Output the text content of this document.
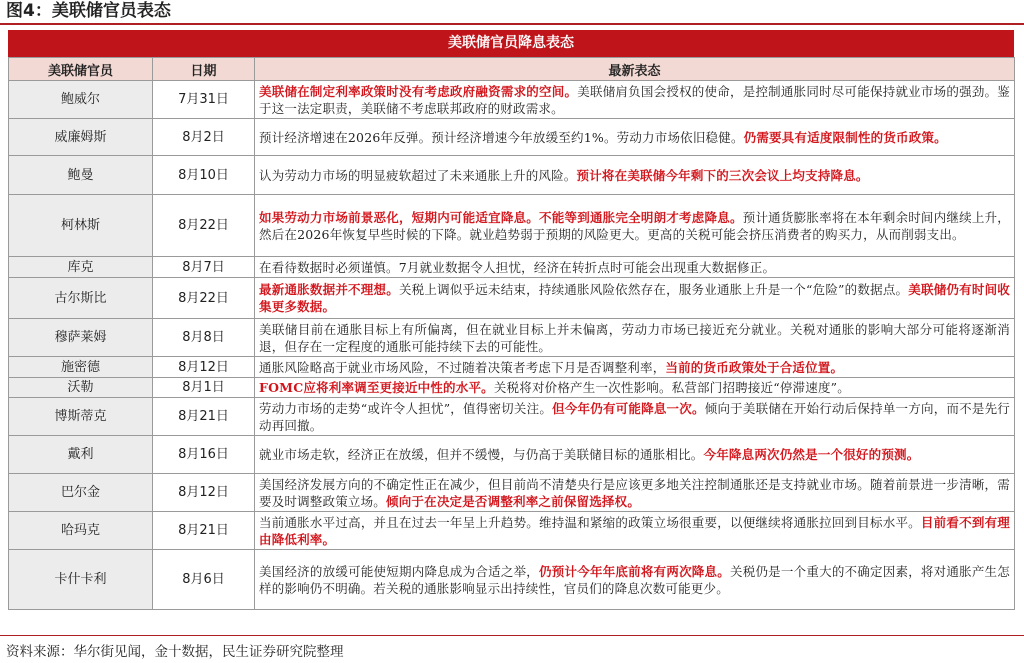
图4：美联储官员表态
美联储官员降息表态
美联储官员	日期	最新表态
鲍威尔	7月31日	美联储在制定利率政策时没有考虑政府融资需求的空间。美联储肩负国会授权的使命，是控制通胀同时尽可能保持就业市场的强劲。鉴于这一法定职责，美联储不考虑联邦政府的财政需求。
威廉姆斯	8月2日	预计经济增速在2026年反弹。预计经济增速今年放缓至约1%。劳动力市场依旧稳健。仍需要具有适度限制性的货币政策。
鲍曼	8月10日	认为劳动力市场的明显疲软超过了未来通胀上升的风险。预计将在美联储今年剩下的三次会议上均支持降息。
柯林斯	8月22日	如果劳动力市场前景恶化，短期内可能适宜降息。不能等到通胀完全明朗才考虑降息。预计通货膨胀率将在本年剩余时间内继续上升，然后在2026年恢复早些时候的下降。就业趋势弱于预期的风险更大。更高的关税可能会挤压消费者的购买力，从而削弱支出。
库克	8月7日	在看待数据时必须谨慎。7月就业数据令人担忧，经济在转折点时可能会出现重大数据修正。
古尔斯比	8月22日	最新通胀数据并不理想。关税上调似乎远未结束，持续通胀风险依然存在，服务业通胀上升是一个“危险”的数据点。美联储仍有时间收集更多数据。
穆萨莱姆	8月8日	美联储目前在通胀目标上有所偏离，但在就业目标上并未偏离，劳动力市场已接近充分就业。关税对通胀的影响大部分可能将逐渐消退，但存在一定程度的通胀可能持续下去的可能性。
施密德	8月12日	通胀风险略高于就业市场风险，不过随着决策者考虑下月是否调整利率，当前的货币政策处于合适位置。
沃勒	8月1日	FOMC应将利率调至更接近中性的水平。关税将对价格产生一次性影响。私营部门招聘接近“停滞速度”。
博斯蒂克	8月21日	劳动力市场的走势“或许令人担忧”，值得密切关注。但今年仍有可能降息一次。倾向于美联储在开始行动后保持单一方向，而不是先行动再回撤。
戴利	8月16日	就业市场走软，经济正在放缓，但并不缓慢，与仍高于美联储目标的通胀相比。今年降息两次仍然是一个很好的预测。
巴尔金	8月12日	美国经济发展方向的不确定性正在减少，但目前尚不清楚央行是应该更多地关注控制通胀还是支持就业市场。随着前景进一步清晰，需要及时调整政策立场。倾向于在决定是否调整利率之前保留选择权。
哈玛克	8月21日	当前通胀水平过高，并且在过去一年呈上升趋势。维持温和紧缩的政策立场很重要，以便继续将通胀拉回到目标水平。目前看不到有理由降低利率。
卡什卡利	8月6日	美国经济的放缓可能使短期内降息成为合适之举，仍预计今年年底前将有两次降息。关税仍是一个重大的不确定因素，将对通胀产生怎样的影响仍不明确。若关税的通胀影响显示出持续性，官员们的降息次数可能更少。
资料来源：华尔街见闻，金十数据，民生证券研究院整理
